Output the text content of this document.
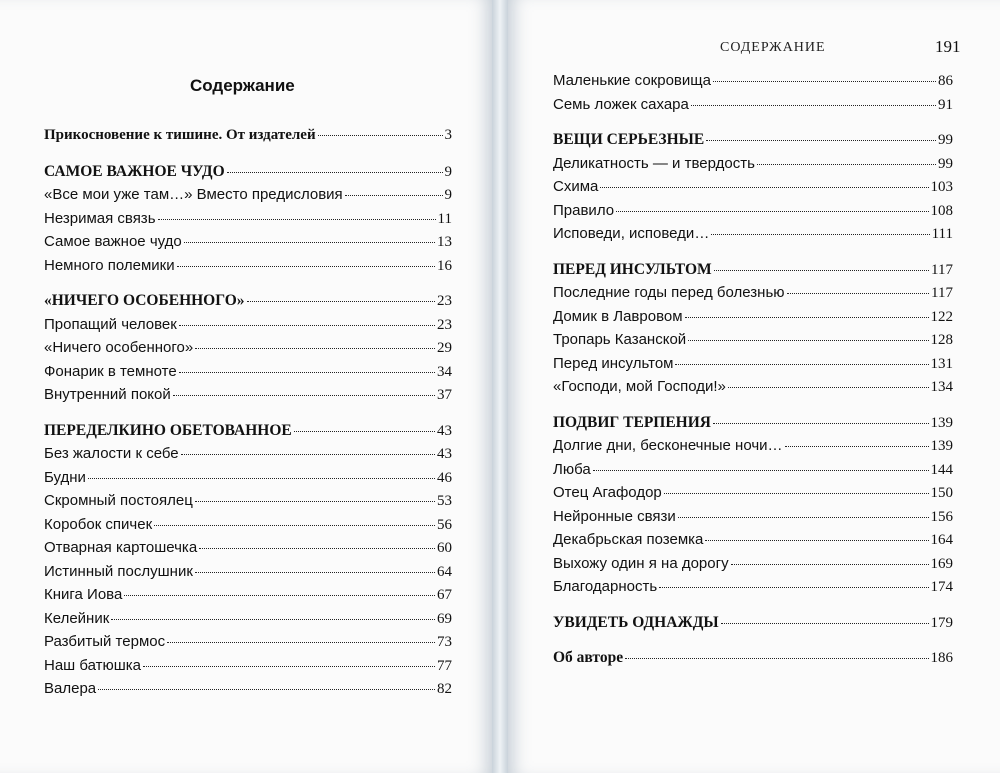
Содержание
Прикосновение к тишине. От издателей	3
САМОЕ ВАЖНОЕ ЧУДО	9
«Все мои уже там…» Вместо предисловия	9
Незримая связь	11
Самое важное чудо	13
Немного полемики	16
«НИЧЕГО ОСОБЕННОГО»	23
Пропащий человек	23
«Ничего особенного»	29
Фонарик в темноте	34
Внутренний покой	37
ПЕРЕДЕЛКИНО ОБЕТОВАННОЕ	43
Без жалости к себе	43
Будни	46
Скромный постоялец	53
Коробок спичек	56
Отварная картошечка	60
Истинный послушник	64
Книга Иова	67
Келейник	69
Разбитый термос	73
Наш батюшка	77
Валера	82
СОДЕРЖАНИЕ	191
Маленькие сокровища	86
Семь ложек сахара	91
ВЕЩИ СЕРЬЕЗНЫЕ	99
Деликатность — и твердость	99
Схима	103
Правило	108
Исповеди, исповеди…	111
ПЕРЕД ИНСУЛЬТОМ	117
Последние годы перед болезнью	117
Домик в Лавровом	122
Тропарь Казанской	128
Перед инсультом	131
«Господи, мой Господи!»	134
ПОДВИГ ТЕРПЕНИЯ	139
Долгие дни, бесконечные ночи…	139
Люба	144
Отец Агафодор	150
Нейронные связи	156
Декабрьская поземка	164
Выхожу один я на дорогу	169
Благодарность	174
УВИДЕТЬ ОДНАЖДЫ	179
Об авторе	186
